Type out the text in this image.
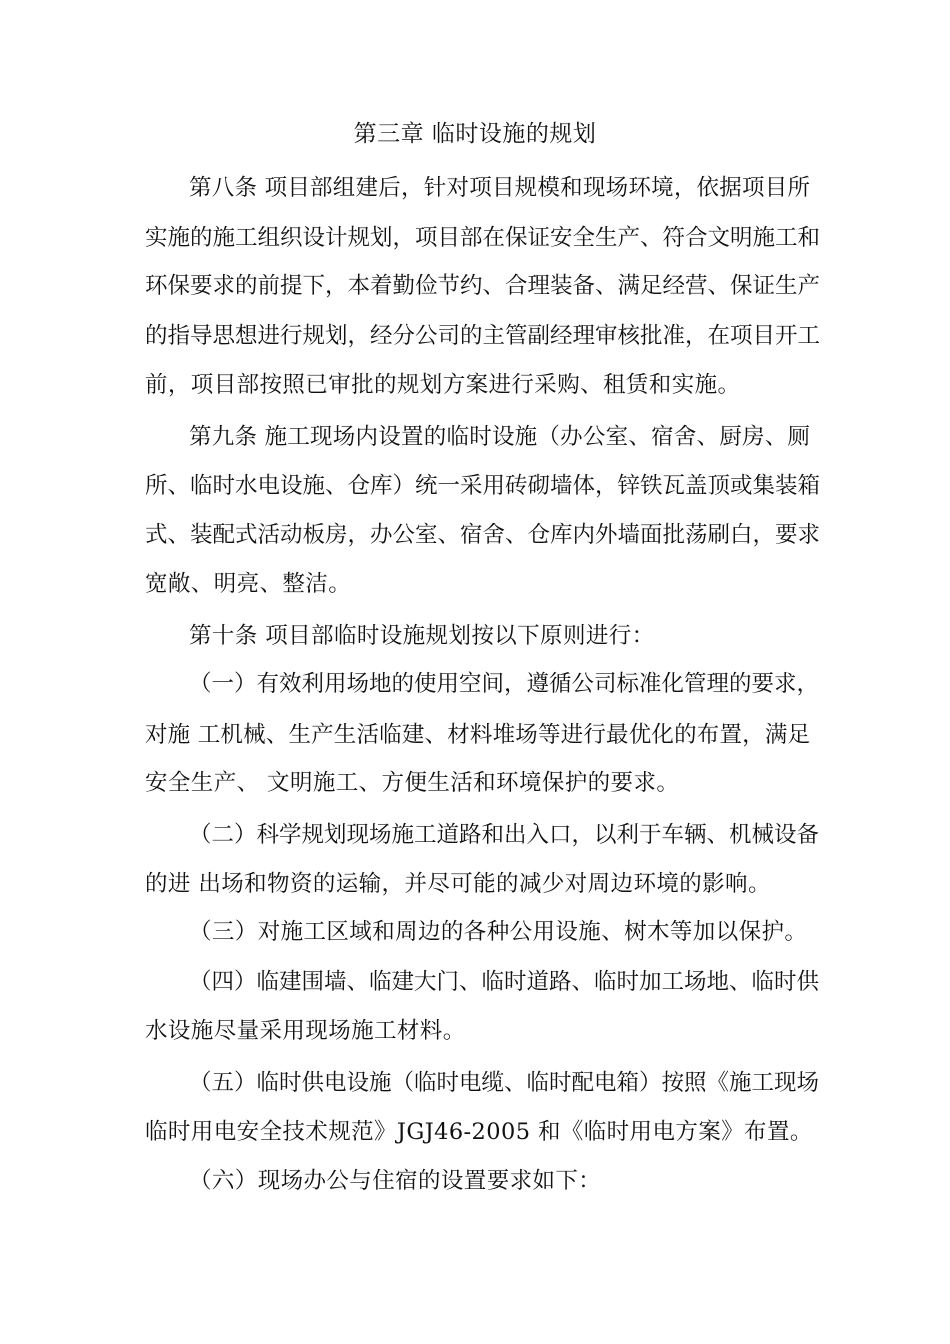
第三章 临时设施的规划
第八条 项目部组建后，针对项目规模和现场环境，依据项目所
实施的施工组织设计规划，项目部在保证安全生产、符合文明施工和
环保要求的前提下，本着勤俭节约、合理装备、满足经营、保证生产
的指导思想进行规划，经分公司的主管副经理审核批准，在项目开工
前，项目部按照已审批的规划方案进行采购、租赁和实施。
第九条 施工现场内设置的临时设施（办公室、宿舍、厨房、厕
所、临时水电设施、仓库）统一采用砖砌墙体，锌铁瓦盖顶或集装箱
式、装配式活动板房，办公室、宿舍、仓库内外墙面批荡刷白，要求
宽敞、明亮、整洁。
第十条 项目部临时设施规划按以下原则进行：
（一）有效利用场地的使用空间，遵循公司标准化管理的要求，
对施 工机械、生产生活临建、材料堆场等进行最优化的布置，满足
安全生产、 文明施工、方便生活和环境保护的要求。
（二）科学规划现场施工道路和出入口，以利于车辆、机械设备
的进 出场和物资的运输，并尽可能的减少对周边环境的影响。
（三）对施工区域和周边的各种公用设施、树木等加以保护。
（四）临建围墙、临建大门、临时道路、临时加工场地、临时供
水设施尽量采用现场施工材料。
（五）临时供电设施（临时电缆、临时配电箱）按照《施工现场
临时用电安全技术规范》JGJ46-2005 和《临时用电方案》布置。
（六）现场办公与住宿的设置要求如下：
